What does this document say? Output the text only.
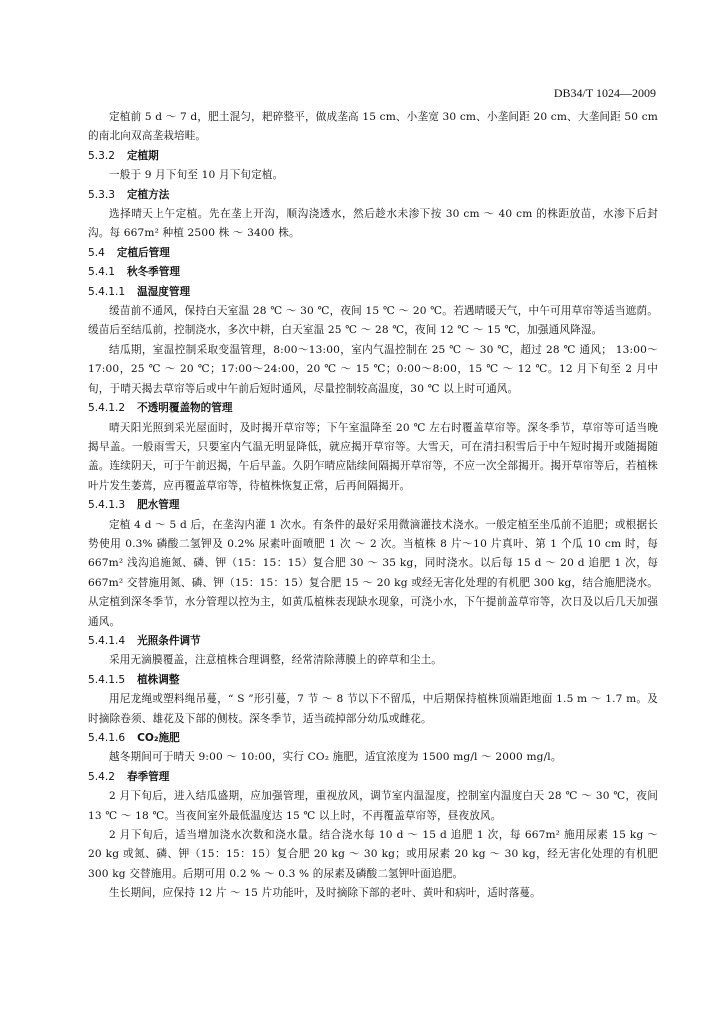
DB34/T 1024—2009

定植前 5 d ～ 7 d，肥土混匀，耙碎整平，做成垄高 15 cm、小垄宽 30 cm、小垄间距 20 cm、大垄间距 50 cm 的南北向双高垄栽培畦。

5.3.2 定植期

一般于 9 月下旬至 10 月下旬定植。

5.3.3 定植方法

选择晴天上午定植。先在垄上开沟，顺沟浇透水，然后趁水未渗下按 30 cm ～ 40 cm 的株距放苗，水渗下后封沟。每 667m² 种植 2500 株 ～ 3400 株。

5.4 定植后管理
5.4.1 秋冬季管理
5.4.1.1 温湿度管理

缓苗前不通风，保持白天室温 28 ℃ ～ 30 ℃，夜间 15 ℃ ～ 20 ℃。若遇晴暖天气，中午可用草帘等适当遮荫。缓苗后至结瓜前，控制浇水，多次中耕，白天室温 25 ℃ ～ 28 ℃，夜间 12 ℃ ～ 15 ℃，加强通风降湿。

结瓜期，室温控制采取变温管理，8:00～13:00，室内气温控制在 25 ℃ ～ 30 ℃，超过 28 ℃ 通风； 13:00～17:00，25 ℃ ～ 20 ℃；17:00～24:00，20 ℃ ～ 15 ℃；0:00～8:00，15 ℃ ～ 12 ℃。12 月下旬至 2 月中旬，于晴天揭去草帘等后或中午前后短时通风，尽量控制较高温度，30 ℃ 以上时可通风。

5.4.1.2 不透明覆盖物的管理

晴天阳光照到采光屋面时，及时揭开草帘等；下午室温降至 20 ℃ 左右时覆盖草帘等。深冬季节，草帘等可适当晚揭早盖。一般雨雪天，只要室内气温无明显降低，就应揭开草帘等。大雪天，可在清扫积雪后于中午短时揭开或随揭随盖。连续阴天，可于午前迟揭，午后早盖。久阴乍晴应陆续间隔揭开草帘等，不应一次全部揭开。揭开草帘等后，若植株叶片发生萎蔫，应再覆盖草帘等，待植株恢复正常，后再间隔揭开。

5.4.1.3 肥水管理

定植 4 d ～ 5 d 后，在垄沟内灌 1 次水。有条件的最好采用微滴灌技术浇水。一般定植至坐瓜前不追肥；或根据长势使用 0.3% 磷酸二氢钾及 0.2% 尿素叶面喷肥 1 次 ～ 2 次。当植株 8 片～10 片真叶、第 1 个瓜 10 cm 时，每 667m² 浅沟追施氮、磷、钾（15：15：15）复合肥 30 ～ 35 kg，同时浇水。以后每 15 d ～ 20 d 追肥 1 次，每 667m² 交替施用氮、磷、钾（15：15：15）复合肥 15 ～ 20 kg 或经无害化处理的有机肥 300 kg，结合施肥浇水。从定植到深冬季节，水分管理以控为主，如黄瓜植株表现缺水现象，可浇小水，下午提前盖草帘等，次日及以后几天加强通风。

5.4.1.4 光照条件调节

采用无滴膜覆盖，注意植株合理调整，经常清除薄膜上的碎草和尘土。

5.4.1.5 植株调整

用尼龙绳或塑料绳吊蔓，“ S ”形引蔓，7 节 ～ 8 节以下不留瓜，中后期保持植株顶端距地面 1.5 m ～ 1.7 m。及时摘除卷须、雄花及下部的侧枝。深冬季节，适当疏掉部分幼瓜或雌花。

5.4.1.6 CO₂施肥

越冬期间可于晴天 9:00 ～ 10:00，实行 CO₂ 施肥，适宜浓度为 1500 mg/l ～ 2000 mg/l。

5.4.2 春季管理

2 月下旬后，进入结瓜盛期，应加强管理，重视放风，调节室内温湿度，控制室内温度白天 28 ℃ ～ 30 ℃，夜间 13 ℃ ～ 18 ℃。当夜间室外最低温度达 15 ℃ 以上时，不再覆盖草帘等，昼夜放风。

2 月下旬后，适当增加浇水次数和浇水量。结合浇水每 10 d ～ 15 d 追肥 1 次，每 667m² 施用尿素 15 kg ～ 20 kg 或氮、磷、钾（15：15：15）复合肥 20 kg ～ 30 kg；或用尿素 20 kg ～ 30 kg，经无害化处理的有机肥 300 kg 交替施用。后期可用 0.2 % ～ 0.3 % 的尿素及磷酸二氢钾叶面追肥。

生长期间，应保持 12 片 ～ 15 片功能叶，及时摘除下部的老叶、黄叶和病叶，适时落蔓。
